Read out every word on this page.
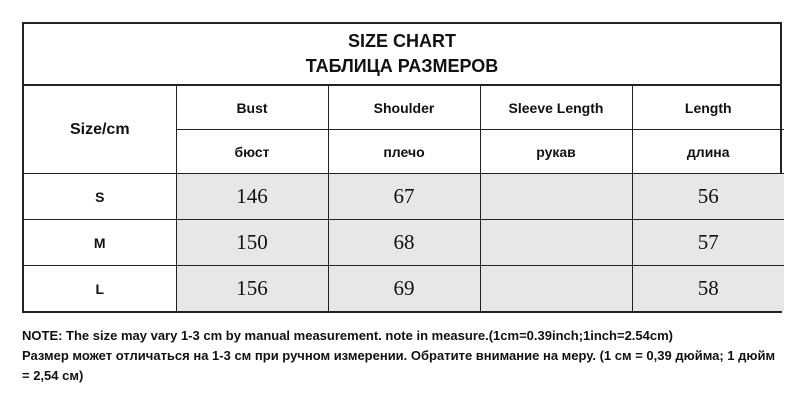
SIZE CHART
ТАБЛИЦА РАЗМЕРОВ
Size/cm	Bust	Shoulder	Sleeve Length	Length
	бюст	плечо	рукав	длина
S	146	67		56
M	150	68		57
L	156	69		58

NOTE: The size may vary 1-3 cm by manual measurement. note in measure.(1cm=0.39inch;1inch=2.54cm)

Размер может отличаться на 1-3 см при ручном измерении. Обратите внимание на меру. (1 см = 0,39 дюйма; 1 дюйм = 2,54 см)
